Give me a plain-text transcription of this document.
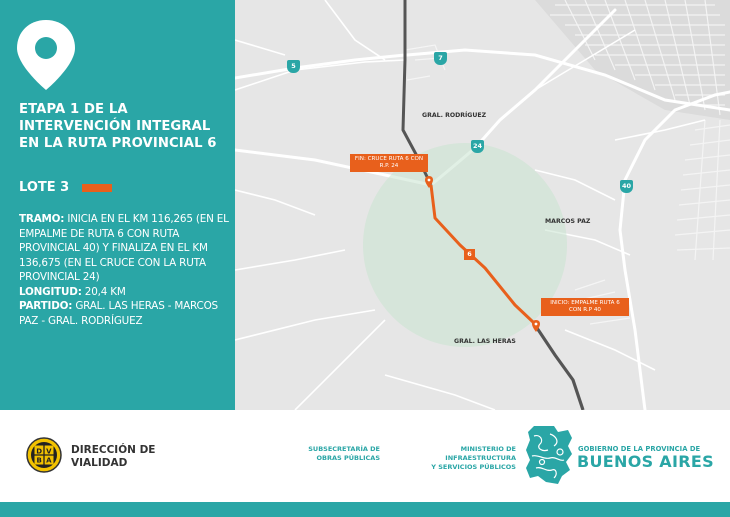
ETAPA 1 DE LA INTERVENCIÓN INTEGRAL EN LA RUTA PROVINCIAL 6
LOTE 3
TRAMO: INICIA EN EL KM 116,265 (EN EL EMPALME DE RUTA 6 CON RUTA PROVINCIAL 40) Y FINALIZA EN EL KM 136,675 (EN EL CRUCE CON LA RUTA PROVINCIAL 24)
LONGITUD: 20,4 KM
PARTIDO: GRAL. LAS HERAS - MARCOS PAZ - GRAL. RODRÍGUEZ
5
7
24
40
6
GRAL. RODRÍGUEZ
MARCOS PAZ
GRAL. LAS HERAS
FIN: CRUCE RUTA 6 CON R.P. 24
INICIO: EMPALME RUTA 6 CON R.P 40
D V
B A
DIRECCIÓN DE
VIALIDAD
SUBSECRETARÍA DE
OBRAS PÚBLICAS
MINISTERIO DE INFRAESTRUCTURA
Y SERVICIOS PÚBLICOS
GOBIERNO DE LA PROVINCIA DE
BUENOS AIRES
